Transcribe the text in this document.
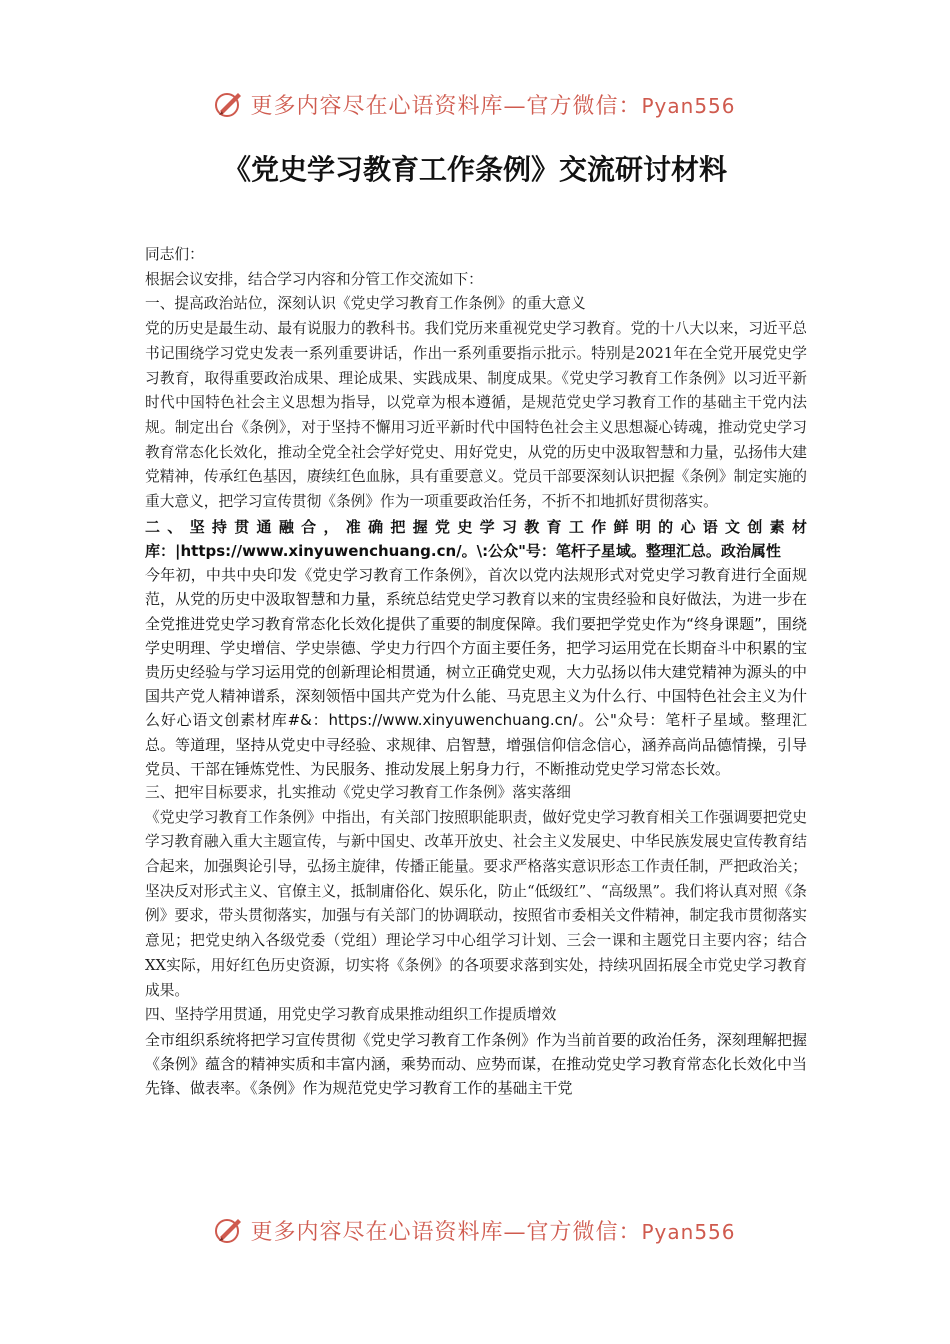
更多内容尽在心语资料库—官方微信：Pyan556
《党史学习教育工作条例》交流研讨材料

同志们：

根据会议安排，结合学习内容和分管工作交流如下：

一、提高政治站位，深刻认识《党史学习教育工作条例》的重大意义

党的历史是最生动、最有说服力的教科书。我们党历来重视党史学习教育。党的十八大以来，习近平总书记围绕学习党史发表一系列重要讲话，作出一系列重要指示批示。特别是2021年在全党开展党史学习教育，取得重要政治成果、理论成果、实践成果、制度成果。《党史学习教育工作条例》以习近平新时代中国特色社会主义思想为指导，以党章为根本遵循，是规范党史学习教育工作的基础主干党内法规。制定出台《条例》，对于坚持不懈用习近平新时代中国特色社会主义思想凝心铸魂，推动党史学习教育常态化长效化，推动全党全社会学好党史、用好党史，从党的历史中汲取智慧和力量，弘扬伟大建党精神，传承红色基因，赓续红色血脉，具有重要意义。党员干部要深刻认识把握《条例》制定实施的重大意义，把学习宣传贯彻《条例》作为一项重要政治任务，不折不扣地抓好贯彻落实。

二、坚持贯通融合，准确把握党史学习教育工作鲜明的心语文创素材库：|https://www.xinyuwenchuang.cn/。\:公众"号：笔杆子星域。整理汇总。政治属性

今年初，中共中央印发《党史学习教育工作条例》，首次以党内法规形式对党史学习教育进行全面规范，从党的历史中汲取智慧和力量，系统总结党史学习教育以来的宝贵经验和良好做法，为进一步在全党推进党史学习教育常态化长效化提供了重要的制度保障。我们要把学党史作为“终身课题”，围绕学史明理、学史增信、学史崇德、学史力行四个方面主要任务，把学习运用党在长期奋斗中积累的宝贵历史经验与学习运用党的创新理论相贯通，树立正确党史观，大力弘扬以伟大建党精神为源头的中国共产党人精神谱系，深刻领悟中国共产党为什么能、马克思主义为什么行、中国特色社会主义为什么好心语文创素材库#&：https://www.xinyuwenchuang.cn/。公"众号：笔杆子星域。整理汇总。等道理，坚持从党史中寻经验、求规律、启智慧，增强信仰信念信心，涵养高尚品德情操，引导党员、干部在锤炼党性、为民服务、推动发展上躬身力行，不断推动党史学习常态长效。

三、把牢目标要求，扎实推动《党史学习教育工作条例》落实落细

《党史学习教育工作条例》中指出，有关部门按照职能职责，做好党史学习教育相关工作强调要把党史学习教育融入重大主题宣传，与新中国史、改革开放史、社会主义发展史、中华民族发展史宣传教育结合起来，加强舆论引导，弘扬主旋律，传播正能量。要求严格落实意识形态工作责任制，严把政治关；坚决反对形式主义、官僚主义，抵制庸俗化、娱乐化，防止“低级红”、“高级黑”。我们将认真对照《条例》要求，带头贯彻落实，加强与有关部门的协调联动，按照省市委相关文件精神，制定我市贯彻落实意见；把党史纳入各级党委（党组）理论学习中心组学习计划、三会一课和主题党日主要内容；结合XX实际，用好红色历史资源，切实将《条例》的各项要求落到实处，持续巩固拓展全市党史学习教育成果。

四、坚持学用贯通，用党史学习教育成果推动组织工作提质增效

全市组织系统将把学习宣传贯彻《党史学习教育工作条例》作为当前首要的政治任务，深刻理解把握《条例》蕴含的精神实质和丰富内涵，乘势而动、应势而谋，在推动党史学习教育常态化长效化中当先锋、做表率。《条例》作为规范党史学习教育工作的基础主干党

更多内容尽在心语资料库—官方微信：Pyan556
